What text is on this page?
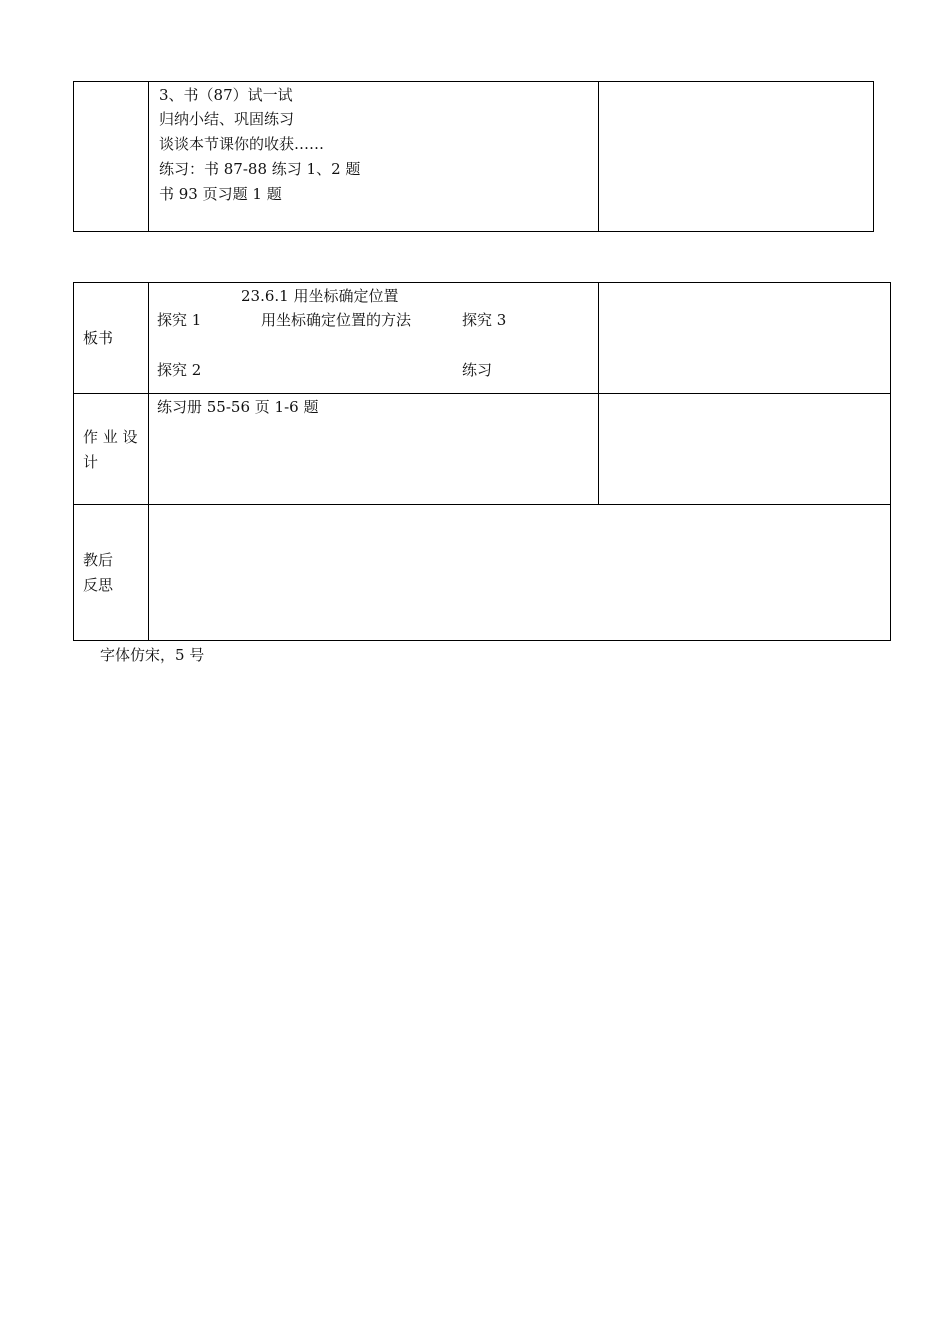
3、书（87）试一试
归纳小结、巩固练习
谈谈本节课你的收获……
练习：书 87-88 练习 1、2 题
书 93 页习题 1 题
板书
23.6.1 用坐标确定位置
探究 1	用坐标确定位置的方法	探究 3
探究 2	练习
作 业 设
计
练习册 55-56 页 1-6 题
教后
反思
字体仿宋，5 号
